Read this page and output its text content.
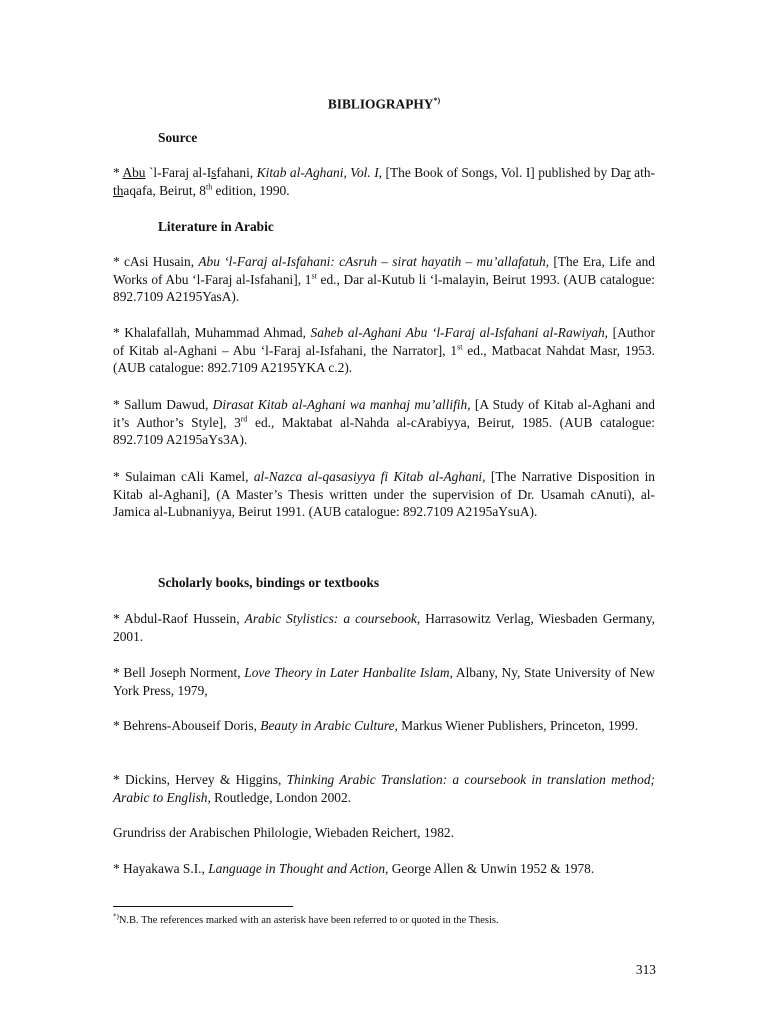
BIBLIOGRAPHY*)
Source
* Abu `l-Faraj al-Isfahani, Kitab al-Aghani, Vol. I, [The Book of Songs, Vol. I] published by Dar ath-thaqafa, Beirut, 8th edition, 1990.
Literature in Arabic
* cAsi Husain, Abu ‘l-Faraj al-Isfahani: cAsruh – sirat hayatih – mu’allafatuh, [The Era, Life and Works of Abu ‘l-Faraj al-Isfahani], 1st ed., Dar al-Kutub li ‘l-malayin, Beirut 1993. (AUB catalogue: 892.7109 A2195YasA).
* Khalafallah, Muhammad Ahmad, Saheb al-Aghani Abu ‘l-Faraj al-Isfahani al-Rawiyah, [Author of Kitab al-Aghani – Abu ‘l-Faraj al-Isfahani, the Narrator], 1st ed., Matbacat Nahdat Masr, 1953. (AUB catalogue: 892.7109 A2195YKA c.2).
* Sallum Dawud, Dirasat Kitab al-Aghani wa manhaj mu’allifih, [A Study of Kitab al-Aghani and it’s Author’s Style], 3rd ed., Maktabat al-Nahda al-cArabiyya, Beirut, 1985. (AUB catalogue: 892.7109 A2195aYs3A).
* Sulaiman cAli Kamel, al-Nazca al-qasasiyya fi Kitab al-Aghani, [The Narrative Disposition in Kitab al-Aghani], (A Master’s Thesis written under the supervision of Dr. Usamah cAnuti), al-Jamica al-Lubnaniyya, Beirut 1991. (AUB catalogue: 892.7109 A2195aYsuA).
Scholarly books, bindings or textbooks
* Abdul-Raof Hussein, Arabic Stylistics: a coursebook, Harrasowitz Verlag, Wiesbaden Germany, 2001.
* Bell Joseph Norment, Love Theory in Later Hanbalite Islam, Albany, Ny, State University of New York Press, 1979,
* Behrens-Abouseif Doris, Beauty in Arabic Culture, Markus Wiener Publishers, Princeton, 1999.
* Dickins, Hervey & Higgins, Thinking Arabic Translation: a coursebook in translation method; Arabic to English, Routledge, London 2002.
Grundriss der Arabischen Philologie, Wiebaden Reichert, 1982.
* Hayakawa S.I., Language in Thought and Action, George Allen & Unwin 1952 & 1978.
*)N.B. The references marked with an asterisk have been referred to or quoted in the Thesis.
313
